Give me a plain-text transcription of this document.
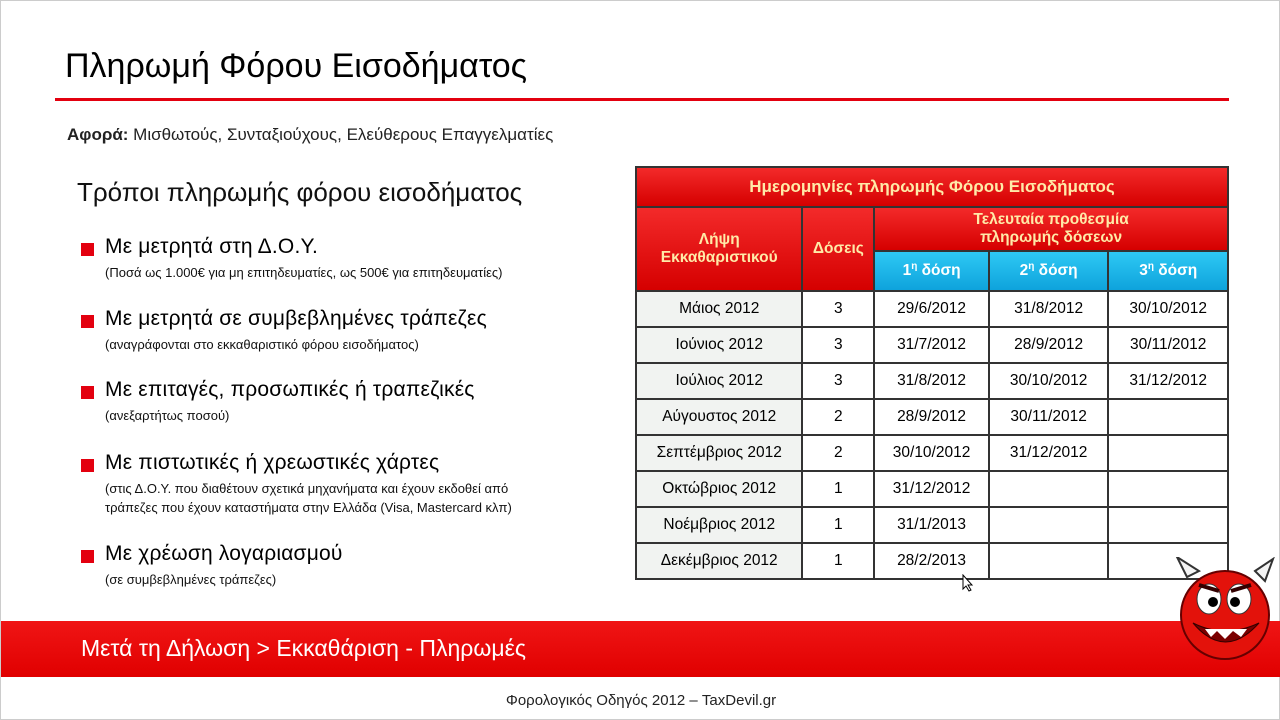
Πληρωμή Φόρου Εισοδήματος
Αφορά: Μισθωτούς, Συνταξιούχους, Ελεύθερους Επαγγελματίες
Τρόποι πληρωμής φόρου εισοδήματος
Με μετρητά στη Δ.Ο.Υ.
(Ποσά ως 1.000€ για μη επιτηδευματίες, ως 500€ για επιτηδευματίες)
Με μετρητά σε συμβεβλημένες τράπεζες
(αναγράφονται στο εκκαθαριστικό φόρου εισοδήματος)
Με επιταγές, προσωπικές ή τραπεζικές
(ανεξαρτήτως ποσού)
Με πιστωτικές ή χρεωστικές χάρτες
(στις Δ.Ο.Υ. που διαθέτουν σχετικά μηχανήματα και έχουν εκδοθεί από
τράπεζες που έχουν καταστήματα στην Ελλάδα (Visa, Mastercard κλπ)
Με χρέωση λογαριασμού
(σε συμβεβλημένες τράπεζες)
Ημερομηνίες πληρωμής Φόρου Εισοδήματος				
Λήψη
Εκκαθαριστικού	Δόσεις	Τελευταία προθεσμία
πληρωμής δόσεων		
		$1^\eta$ δόση	$2^\eta$ δόση	$3^\eta$ δόση
Μάιος 2012	3	29/6/2012	31/8/2012	30/10/2012
Ιούνιος 2012	3	31/7/2012	28/9/2012	30/11/2012
Ιούλιος 2012	3	31/8/2012	30/10/2012	31/12/2012
Αύγουστος 2012	2	28/9/2012	30/11/2012	
Σεπτέμβριος 2012	2	30/10/2012	31/12/2012	
Οκτώβριος 2012	1	31/12/2012		
Νοέμβριος 2012	1	31/1/2013		
Δεκέμβριος 2012	1	28/2/2013		
Μετά τη Δήλωση > Εκκαθάριση - Πληρωμές
Φορολογικός Οδηγός 2012 – TaxDevil.gr
